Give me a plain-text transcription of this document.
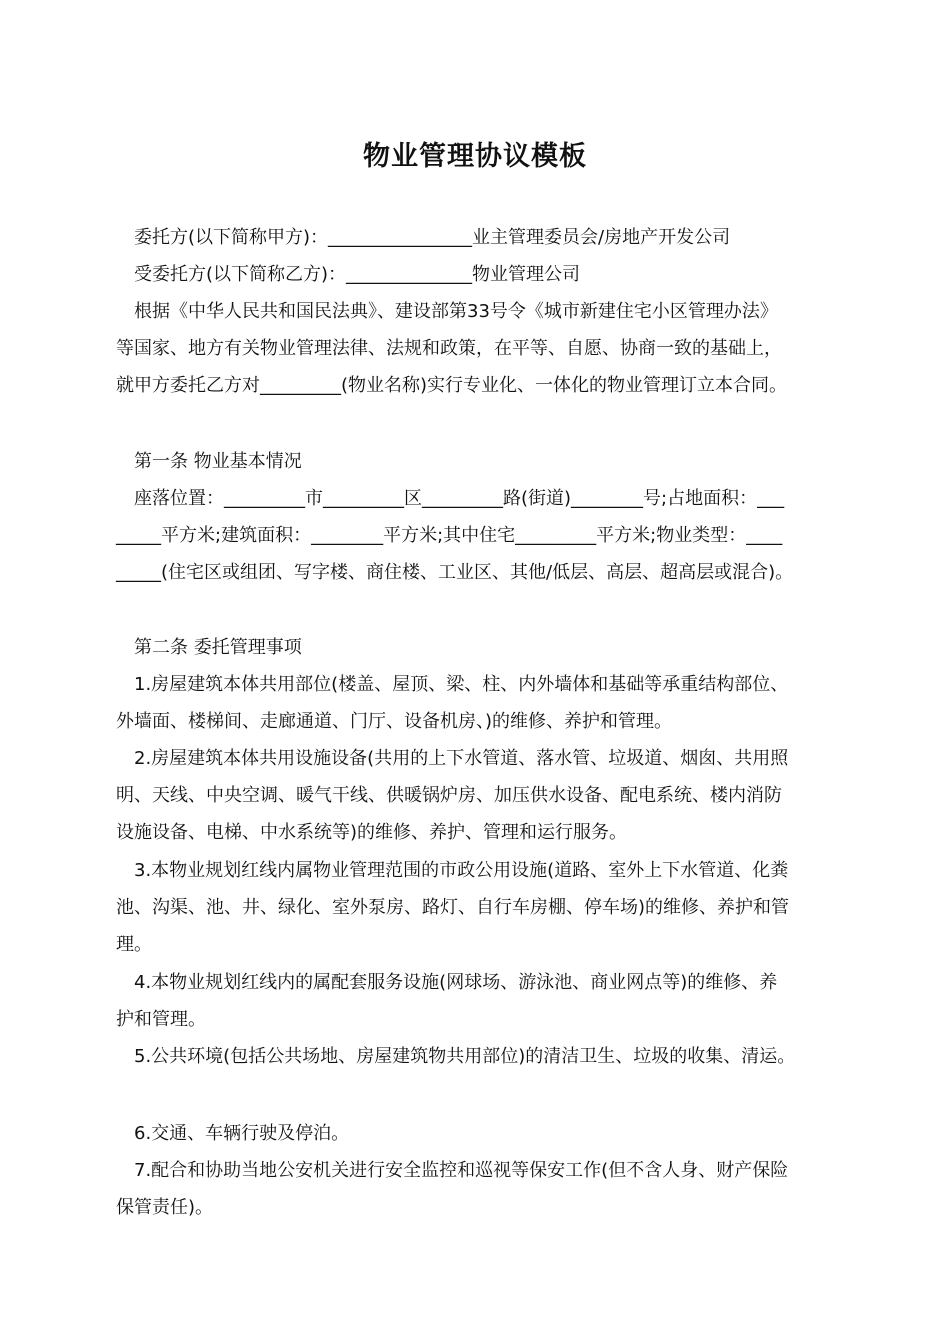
物业管理协议模板
委托方(以下简称甲方)：________________业主管理委员会/房地产开发公司
受委托方(以下简称乙方)：______________物业管理公司
根据《中华人民共和国民法典》、建设部第33号令《城市新建住宅小区管理办法》
等国家、地方有关物业管理法律、法规和政策，在平等、自愿、协商一致的基础上，
就甲方委托乙方对_________(物业名称)实行专业化、一体化的物业管理订立本合同。
第一条 物业基本情况
座落位置：_________市_________区_________路(街道)________号;占地面积：___
_____平方米;建筑面积：________平方米;其中住宅_________平方米;物业类型：____
_____(住宅区或组团、写字楼、商住楼、工业区、其他/低层、高层、超高层或混合)。
第二条 委托管理事项
1.房屋建筑本体共用部位(楼盖、屋顶、梁、柱、内外墙体和基础等承重结构部位、
外墙面、楼梯间、走廊通道、门厅、设备机房、)的维修、养护和管理。
2.房屋建筑本体共用设施设备(共用的上下水管道、落水管、垃圾道、烟囱、共用照
明、天线、中央空调、暖气干线、供暖锅炉房、加压供水设备、配电系统、楼内消防
设施设备、电梯、中水系统等)的维修、养护、管理和运行服务。
3.本物业规划红线内属物业管理范围的市政公用设施(道路、室外上下水管道、化粪
池、沟渠、池、井、绿化、室外泵房、路灯、自行车房棚、停车场)的维修、养护和管
理。
4.本物业规划红线内的属配套服务设施(网球场、游泳池、商业网点等)的维修、养
护和管理。
5.公共环境(包括公共场地、房屋建筑物共用部位)的清洁卫生、垃圾的收集、清运。
6.交通、车辆行驶及停泊。
7.配合和协助当地公安机关进行安全监控和巡视等保安工作(但不含人身、财产保险
保管责任)。
